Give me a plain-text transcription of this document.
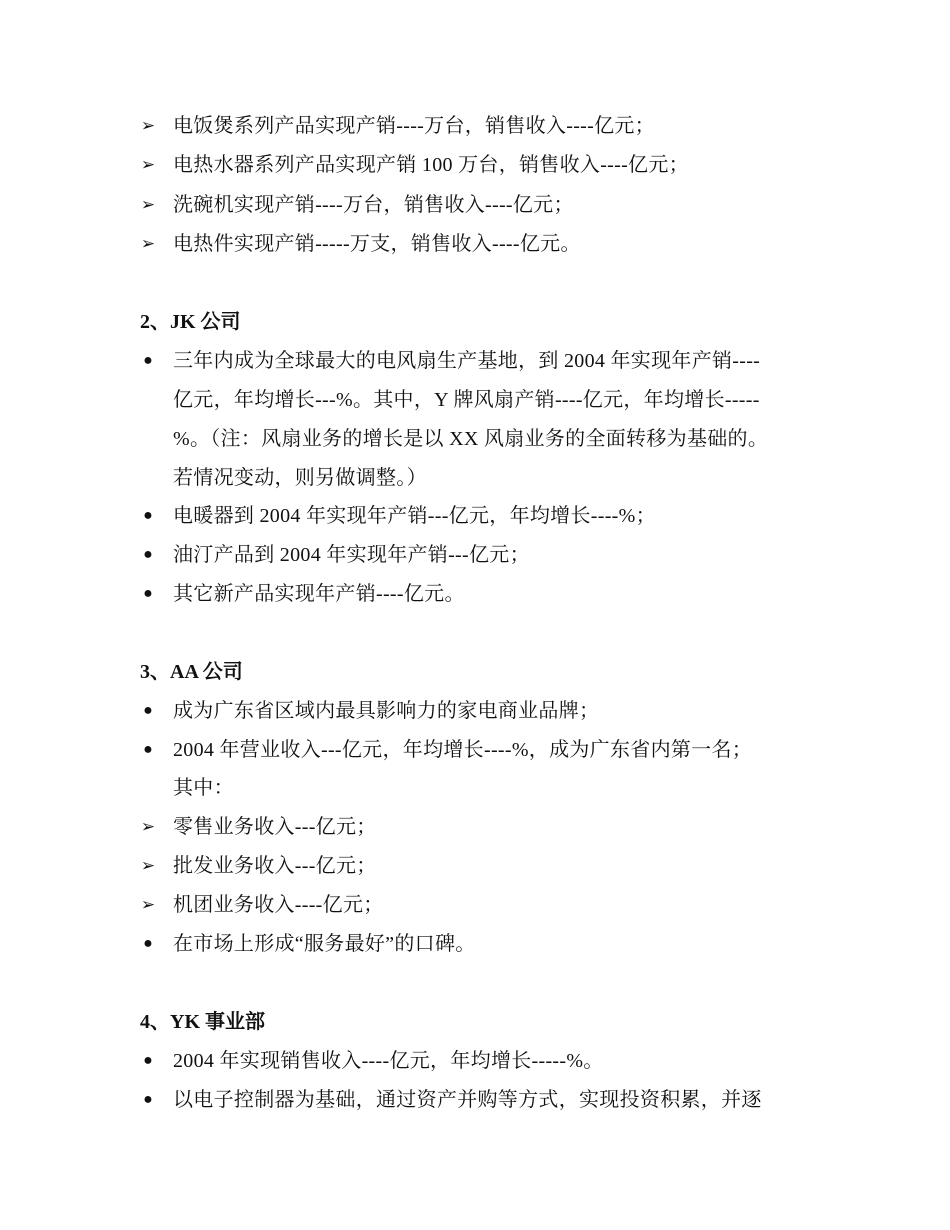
➢ 电饭煲系列产品实现产销----万台，销售收入----亿元；
➢ 电热水器系列产品实现产销 100 万台，销售收入----亿元；
➢ 洗碗机实现产销----万台，销售收入----亿元；
➢ 电热件实现产销-----万支，销售收入----亿元。
2、JK 公司
● 三年内成为全球最大的电风扇生产基地，到 2004 年实现年产销----
亿元，年均增长---%。其中，Y 牌风扇产销----亿元，年均增长-----
%。（注：风扇业务的增长是以 XX 风扇业务的全面转移为基础的。
若情况变动，则另做调整。）
● 电暖器到 2004 年实现年产销---亿元，年均增长----%；
● 油汀产品到 2004 年实现年产销---亿元；
● 其它新产品实现年产销----亿元。
3、AA 公司
● 成为广东省区域内最具影响力的家电商业品牌；
● 2004 年营业收入---亿元，年均增长----%，成为广东省内第一名；
其中：
➢ 零售业务收入---亿元；
➢ 批发业务收入---亿元；
➢ 机团业务收入----亿元；
● 在市场上形成“服务最好”的口碑。
4、YK 事业部
● 2004 年实现销售收入----亿元，年均增长-----%。
● 以电子控制器为基础，通过资产并购等方式，实现投资积累，并逐
